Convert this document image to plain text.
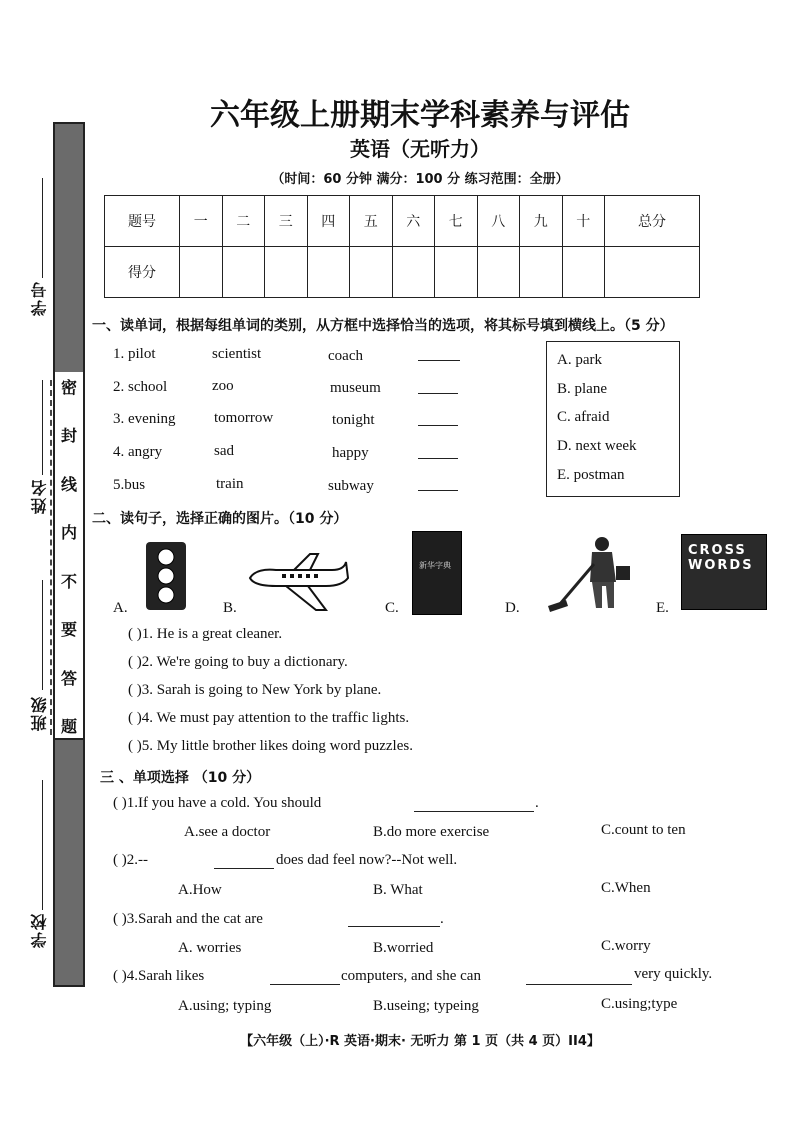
密
封
线
内
不
要
答
题
学号
姓名
班级
学校
六年级上册期末学科素养与评估
英语（无听力）
（时间：60 分钟 满分：100 分 练习范围：全册）
题号	一	二	三	四	五	六	七	八	九	十	总分
得分											
一、读单词，根据每组单词的类别，从方框中选择恰当的选项，将其标号填到横线上。（5 分）
1. pilot	scientist	coach
2. school	zoo	museum
3. evening	tomorrow	tonight
4. angry	sad	happy
5.bus	train	subway
A. park
B. plane
C. afraid
D. next week
E. postman
二、读句子，选择正确的图片。（10 分）
A.	B.
新华字典
C.	D.
CROSSWORDS
E.
( )1. He is a great cleaner.
( )2. We're going to buy a dictionary.
( )3. Sarah is going to New York by plane.
( )4. We must pay attention to the traffic lights.
( )5. My little brother likes doing word puzzles.
三 、单项选择 （10 分）
( )1.If you have a cold. You should	.
A.see a doctor	B.do more exercise	C.count to ten
( )2.--	does dad feel now?--Not well.
A.How	B. What	C.When
( )3.Sarah and the cat are	.
A. worries	B.worried	C.worry
( )4.Sarah likes	computers, and she can	very quickly.
A.using; typing	B.useing; typeing	C.using;type
【六年级（上）·R 英语·期末· 无听力 第 1 页（共 4 页）II4】
